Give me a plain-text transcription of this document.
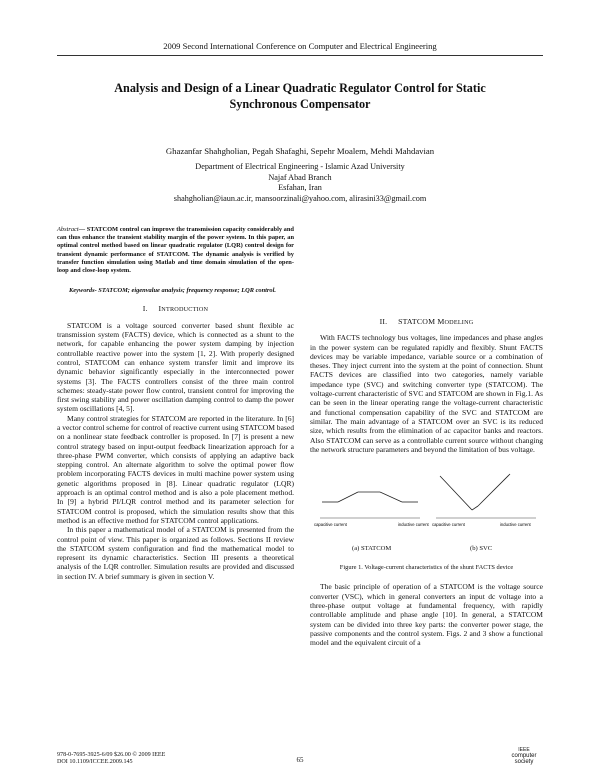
2009 Second International Conference on Computer and Electrical Engineering
Analysis and Design of a Linear Quadratic Regulator Control for Static
Synchronous Compensator
Ghazanfar Shahgholian, Pegah Shafaghi, Sepehr Moalem, Mehdi Mahdavian
Department of Electrical Engineering - Islamic Azad University
Najaf Abad Branch
Esfahan, Iran
shahgholian@iaun.ac.ir, mansoorzinali@yahoo.com, alirasini33@gmail.com

Abstract— STATCOM control can improve the transmission capacity considerably and can thus enhance the transient stability margin of the power system. In this paper, an optimal control method based on linear quadratic regulator (LQR) control design for transient dynamic performance of STATCOM. The dynamic analysis is verified by transfer function simulation using Matlab and time domain simulation of the open-loop and close-loop system.

Keywords- STATCOM; eigenvalue analysis; frequency response; LQR control.

I. INTRODUCTION

STATCOM is a voltage sourced converter based shunt flexible ac transmission system (FACTS) device, which is connected as a shunt to the network, for capable enhancing the power system damping by injection controllable reactive power into the system [1, 2]. With properly designed control, STATCOM can enhance system transfer limit and improve its dynamic behavior significantly especially in the interconnected power systems [3]. The FACTS controllers consist of the three main control schemes: steady-state power flow control, transient control for improving the first swing stability and power oscillation damping control to damp the power system oscillations [4, 5].

Many control strategies for STATCOM are reported in the literature. In [6] a vector control scheme for control of reactive current using STATCOM based on a nonlinear state feedback controller is proposed. In [7] is present a new control strategy based on input-output feedback linearization approach for a three-phase PWM converter, which consists of applying an adaptive back stepping control. An alternate algorithm to solve the optimal power flow problem incorporating FACTS devices in multi machine power system using genetic algorithms proposed in [8]. Linear quadratic regulator (LQR) approach is an optimal control method and is also a pole placement method. In [9] a hybrid PI/LQR control method and its parameter selection for STATCOM control is proposed, which the simulation results show that this method is an effective method for STATCOM control applications.

In this paper a mathematical model of a STATCOM is presented from the control point of view. This paper is organized as follows. Sections II review the STATCOM system configuration and find the mathematical model to represent its dynamic characteristics. Section III presents a theoretical analysis of the LQR controller. Simulation results are provided and discussed in section IV. A brief summary is given in section V.

II. STATCOM MODELING

With FACTS technology bus voltages, line impedances and phase angles in the power system can be regulated rapidly and flexibly. Shunt FACTS devices may be variable impedance, variable source or a combination of theses. They inject current into the system at the point of connection. Shunt FACTS devices are classified into two categories, namely variable impedance type (SVC) and switching converter type (STATCOM). The voltage-current characteristic of SVC and STATCOM are shown in Fig.1. As can be seen in the linear operating range the voltage-current characteristic and functional compensation capability of the SVC and STATCOM are similar. The main advantage of a STATCOM over an SVC is its reduced size, which results from the elimination of ac capacitor banks and reactors. Also STATCOM can serve as a controllable current source without changing the network structure parameters and beyond the limitation of bus voltage.

capacitive current	inductive current capacitive current	inductive current
(a) STATCOM	(b) SVC

Figure 1. Voltage-current characteristics of the shunt FACTS device

The basic principle of operation of a STATCOM is the voltage source converter (VSC), which in general converters an input dc voltage into a three-phase output voltage at fundamental frequency, with rapidly controllable amplitude and phase angle [10]. In general, a STATCOM system can be divided into three key parts: the converter power stage, the passive components and the control system. Figs. 2 and 3 show a functional model and the equivalent circuit of a

978-0-7695-3925-6/09 $26.00 © 2009 IEEE
DOI 10.1109/ICCEE.2009.145	65
IEEE
computer
society
